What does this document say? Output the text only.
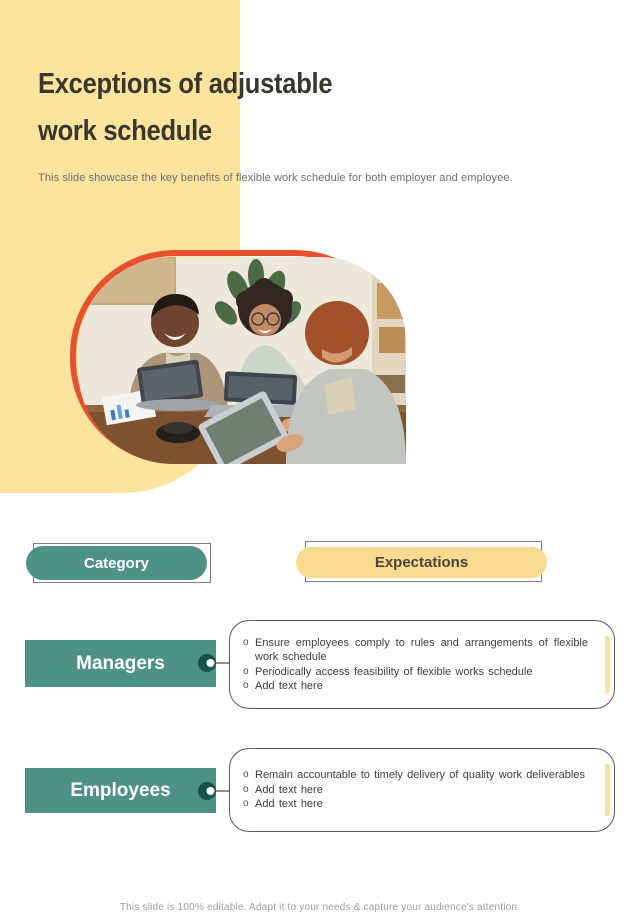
Exceptions of adjustable
work schedule
This slide showcase the key benefits of flexible work schedule for both employer and employee.
Category	Expectations
Managers
o Ensure employees comply to rules and arrangements of flexible work schedule
o Periodically access feasibility of flexible works schedule
o Add text here
Employees
o Remain accountable to timely delivery of quality work deliverables
o Add text here
o Add text here
This slide is 100% editable. Adapt it to your needs & capture your audience's attention.
